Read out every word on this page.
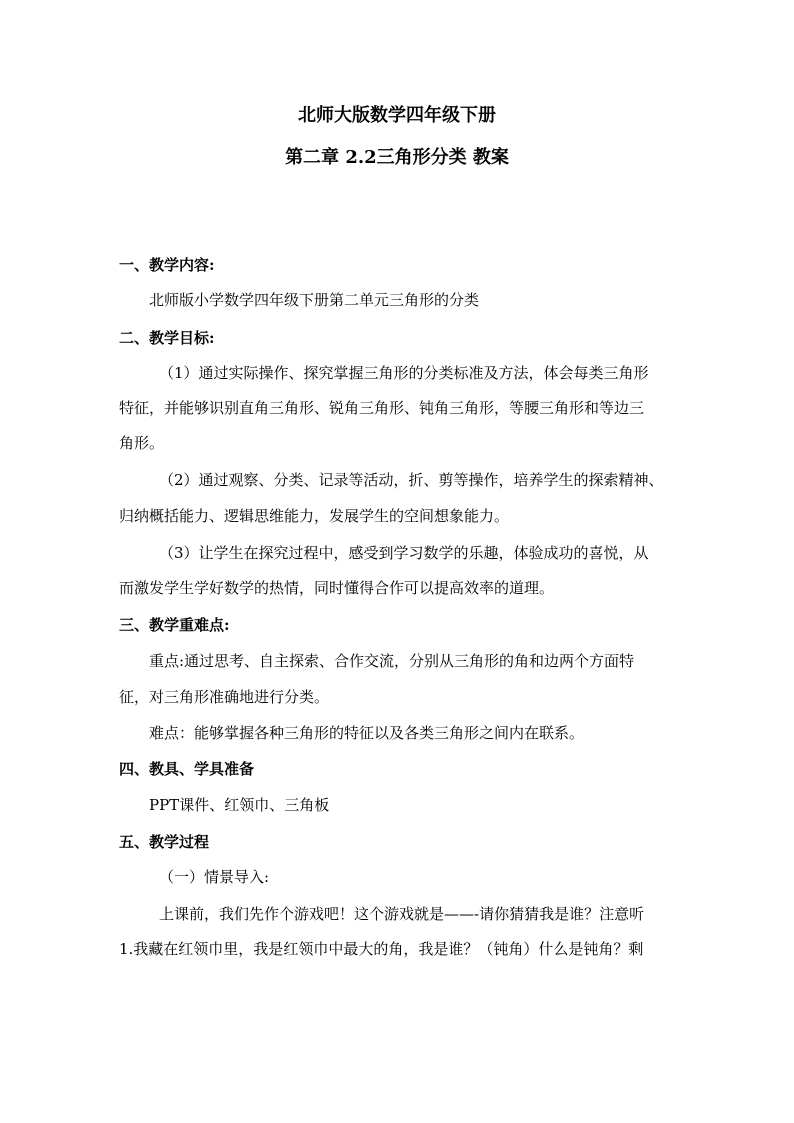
北师大版数学四年级下册
第二章 2.2三角形分类 教案
一、教学内容:
北师版小学数学四年级下册第二单元三角形的分类
二、教学目标:
（1）通过实际操作、探究掌握三角形的分类标准及方法，体会每类三角形
特征，并能够识别直角三角形、锐角三角形、钝角三角形，等腰三角形和等边三
角形。
（2）通过观察、分类、记录等活动，折、剪等操作，培养学生的探索精神、
归纳概括能力、逻辑思维能力，发展学生的空间想象能力。
（3）让学生在探究过程中，感受到学习数学的乐趣，体验成功的喜悦，从
而激发学生学好数学的热情，同时懂得合作可以提高效率的道理。
三、教学重难点:
重点:通过思考、自主探索、合作交流，分别从三角形的角和边两个方面特
征，对三角形准确地进行分类。
难点：能够掌握各种三角形的特征以及各类三角形之间内在联系。
四、教具、学具准备
PPT课件、红领巾、三角板
五、教学过程
（一）情景导入:
上课前，我们先作个游戏吧！这个游戏就是——-请你猜猜我是谁？注意听
1.我藏在红领巾里，我是红领巾中最大的角，我是谁？（钝角）什么是钝角？剩
